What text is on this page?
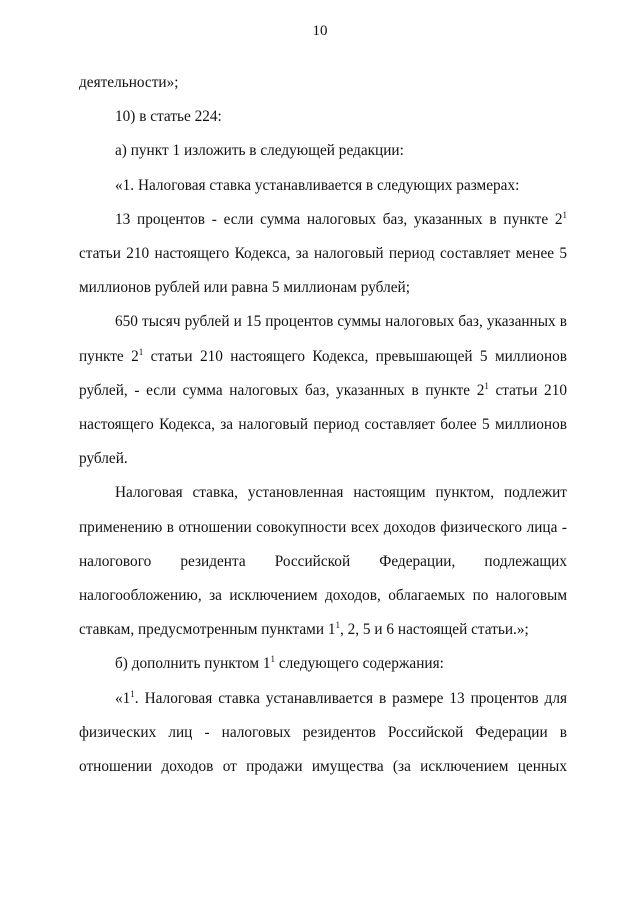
10

деятельности»;

10) в статье 224:

а) пункт 1 изложить в следующей редакции:

«1. Налоговая ставка устанавливается в следующих размерах:

13 процентов - если сумма налоговых баз, указанных в пункте $2^1$ статьи 210 настоящего Кодекса, за налоговый период составляет менее 5 миллионов рублей или равна 5 миллионам рублей;

650 тысяч рублей и 15 процентов суммы налоговых баз, указанных в пункте $2^1$ статьи 210 настоящего Кодекса, превышающей 5 миллионов рублей, - если сумма налоговых баз, указанных в пункте $2^1$ статьи 210 настоящего Кодекса, за налоговый период составляет более 5 миллионов рублей.

Налоговая ставка, установленная настоящим пунктом, подлежит применению в отношении совокупности всех доходов физического лица - налогового резидента Российской Федерации, подлежащих налогообложению, за исключением доходов, облагаемых по налоговым ставкам, предусмотренным пунктами $1^1$, 2, 5 и 6 настоящей статьи.»;

б) дополнить пунктом $1^1$ следующего содержания:

«$1^1$. Налоговая ставка устанавливается в размере 13 процентов для физических лиц - налоговых резидентов Российской Федерации в отношении доходов от продажи имущества (за исключением ценных
